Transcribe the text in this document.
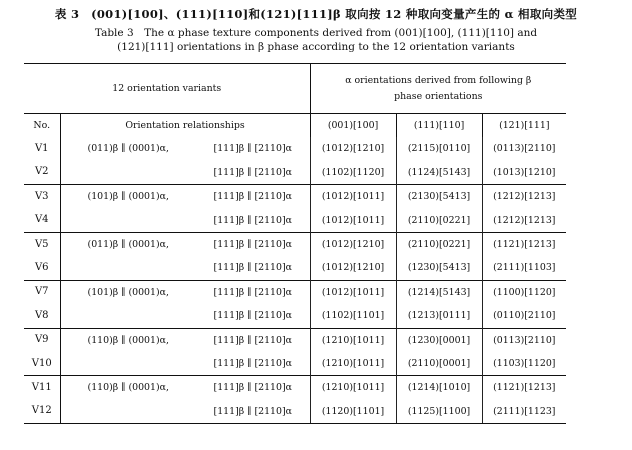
表 3　(001)[100]、(111)[110]和(121)[111]β 取向按 12 种取向变量产生的 α 相取向类型
Table 3　The α phase texture components derived from (001)[100], (111)[110] and
(121)[111] orientations in β phase according to the 12 orientation variants
12 orientation variants			α orientations derived from following β
phase orientations		

No.	Orientation relationships		(001)[100]	(111)[110]	(121)[111]
V1	(011)β ∥ (0001)α,	[111]β ∥ [2110]α	(1012)[1210]	(2115)[0110]	(0113)[2110]
V2		[111]β ∥ [2110]α	(1102)[1120]	(1124)[5143]	(1013)[1210]
V3	(101)β ∥ (0001)α,	[111]β ∥ [2110]α	(1012)[1011]	(2130)[5413]	(1212)[1213]
V4		[111]β ∥ [2110]α	(1012)[1011]	(2110)[0221]	(1212)[1213]
V5	(011)β ∥ (0001)α,	[111]β ∥ [2110]α	(1012)[1210]	(2110)[0221]	(1121)[1213]
V6		[111]β ∥ [2110]α	(1012)[1210]	(1230)[5413]	(2111)[1103]
V7	(101)β ∥ (0001)α,	[111]β ∥ [2110]α	(1012)[1011]	(1214)[5143]	(1100)[1120]
V8		[111]β ∥ [2110]α	(1102)[1101]	(1213)[0111]	(0110)[2110]
V9	(110)β ∥ (0001)α,	[111]β ∥ [2110]α	(1210)[1011]	(1230)[0001]	(0113)[2110]
V10		[111]β ∥ [2110]α	(1210)[1011]	(2110)[0001]	(1103)[1120]
V11	(110)β ∥ (0001)α,	[111]β ∥ [2110]α	(1210)[1011]	(1214)[1010]	(1121)[1213]
V12		[111]β ∥ [2110]α	(1120)[1101]	(1125)[1100]	(2111)[1123]
